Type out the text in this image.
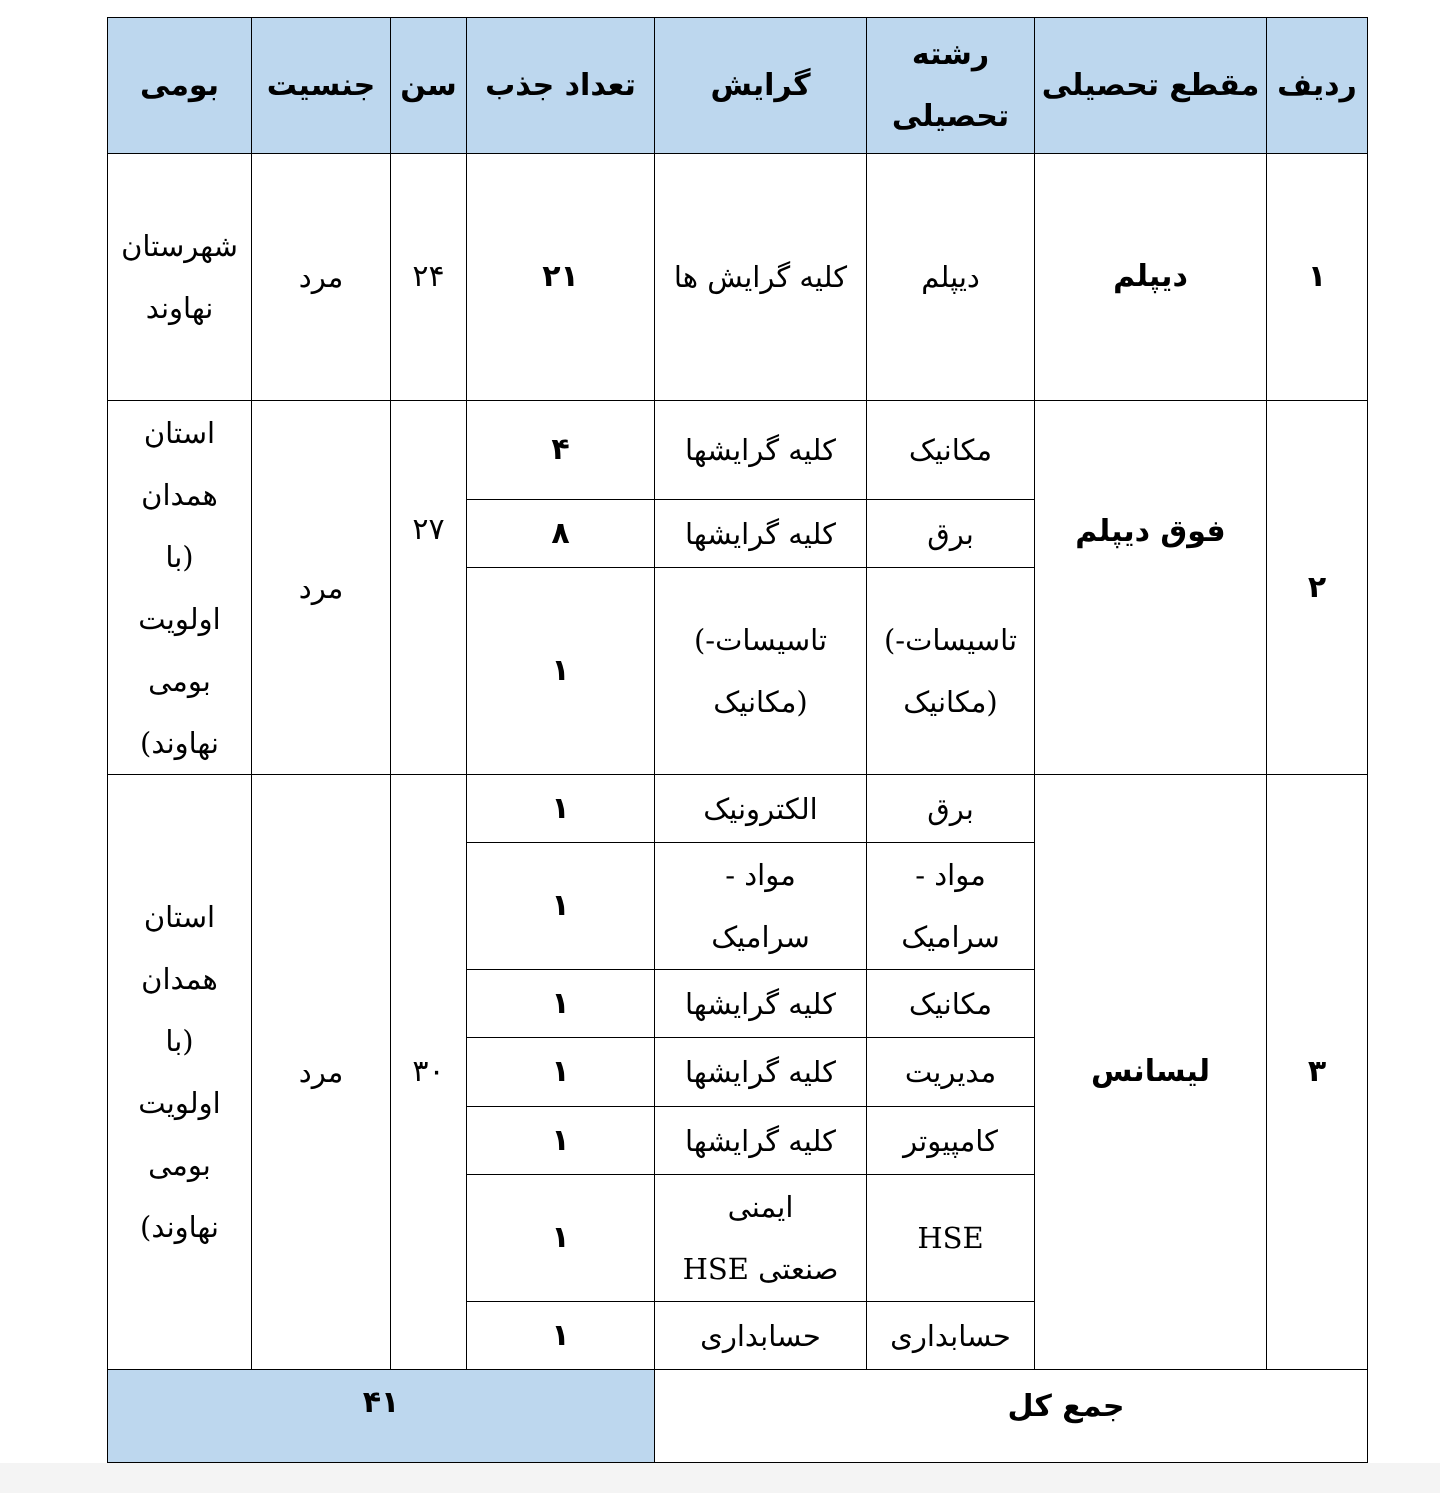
ردیف
مقطع تحصیلی
رشته
تحصیلی
گرایش
تعداد جذب
سن
جنسیت
بومی
۱
دیپلم
دیپلم
کلیه گرایش ها
۲۱
۲۴
مرد
شهرستان
نهاوند
۲
فوق دیپلم
مکانیک
کلیه گرایشها
۴
برق
کلیه گرایشها
۸
تاسیسات-)
(مکانیک
تاسیسات-)
(مکانیک
۱
۲۷
مرد
استان
همدان
(با
اولویت
بومی
نهاوند)
۳
لیسانس
برق
الکترونیک
۱
مواد -
سرامیک
مواد -
سرامیک
۱
مکانیک
کلیه گرایشها
۱
مدیریت
کلیه گرایشها
۱
کامپیوتر
کلیه گرایشها
۱
HSE
ایمنی
صنعتی HSE
۱
حسابداری
حسابداری
۱
۳۰
مرد
استان
همدان
(با
اولویت
بومی
نهاوند)
جمع کل
۴۱
